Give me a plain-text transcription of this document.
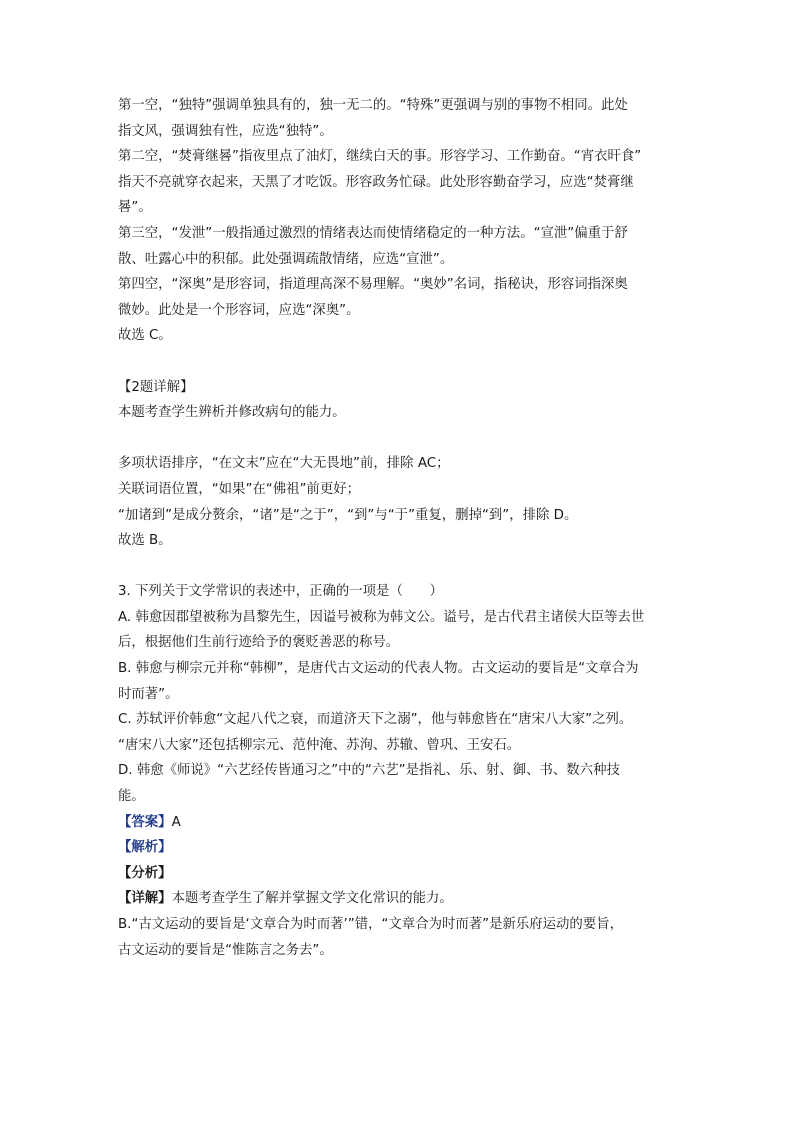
第一空，“独特”强调单独具有的，独一无二的。“特殊”更强调与别的事物不相同。此处

指文风，强调独有性，应选“独特”。

第二空，“焚膏继晷”指夜里点了油灯，继续白天的事。形容学习、工作勤奋。“宵衣旰食”

指天不亮就穿衣起来，天黑了才吃饭。形容政务忙碌。此处形容勤奋学习，应选“焚膏继

晷”。

第三空，“发泄”一般指通过激烈的情绪表达而使情绪稳定的一种方法。“宣泄”偏重于舒

散、吐露心中的积郁。此处强调疏散情绪，应选“宣泄”。

第四空，“深奥”是形容词，指道理高深不易理解。“奥妙”名词，指秘诀，形容词指深奥

微妙。此处是一个形容词，应选“深奥”。

故选 C。

【2题详解】

本题考查学生辨析并修改病句的能力。

多项状语排序，“在文末”应在“大无畏地”前，排除 AC；

关联词语位置，“如果”在“佛祖”前更好；

“加诸到”是成分赘余，“诸”是“之于”，“到”与“于”重复，删掉“到”，排除 D。

故选 B。

3. 下列关于文学常识的表述中，正确的一项是（　　）

A. 韩愈因郡望被称为昌黎先生，因谥号被称为韩文公。谥号，是古代君主诸侯大臣等去世

后，根据他们生前行迹给予的褒贬善恶的称号。

B. 韩愈与柳宗元并称“韩柳”，是唐代古文运动的代表人物。古文运动的要旨是“文章合为

时而著”。

C. 苏轼评价韩愈“文起八代之衰，而道济天下之溺”，他与韩愈皆在“唐宋八大家”之列。

“唐宋八大家”还包括柳宗元、范仲淹、苏洵、苏辙、曾巩、王安石。

D. 韩愈《师说》“六艺经传皆通习之”中的“六艺”是指礼、乐、射、御、书、数六种技

能。

【答案】A

【解析】

【分析】

【详解】本题考查学生了解并掌握文学文化常识的能力。

B.“古文运动的要旨是‘文章合为时而著’”错，“文章合为时而著”是新乐府运动的要旨，

古文运动的要旨是“惟陈言之务去”。
